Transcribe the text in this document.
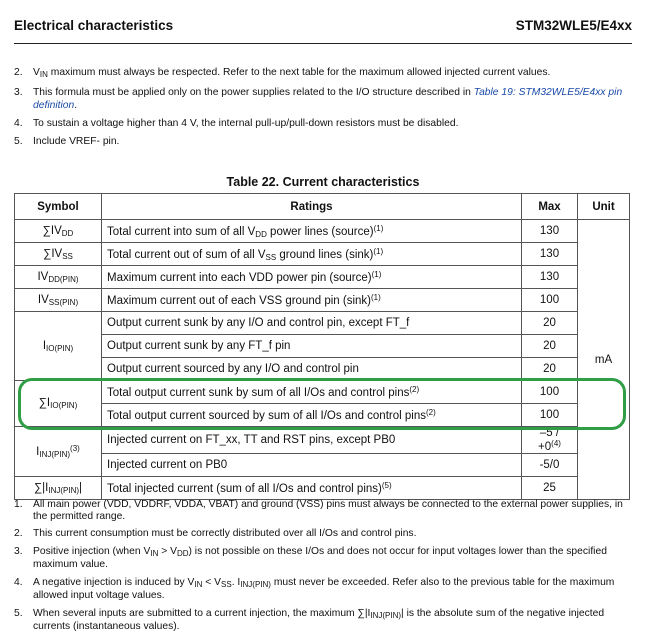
Electrical characteristics	STM32WLE5/E4xx
2.	$V_{IN}$ maximum must always be respected. Refer to the next table for the maximum allowed injected current values.
3.	This formula must be applied only on the power supplies related to the I/O structure described in Table 19: STM32WLE5/E4xx pin definition.
4.	To sustain a voltage higher than 4 V, the internal pull-up/pull-down resistors must be disabled.
5.	Include VREF- pin.
Table 22. Current characteristics
Symbol	Ratings	Max	Unit
$\sum IV_{DD}$	Total current into sum of all $V_{DD}$ power lines (source)$^{(1)}$	130	mA
$\sum IV_{SS}$	Total current out of sum of all $V_{SS}$ ground lines $(\sin k)^{(1)}$	130	
$IV_{DD(PIN)}$	Maximum current into each VDD power pin (source)$^{(1)}$	130	
$IV_{SS(PIN)}$	Maximum current out of each VSS ground pin $(\sin k)^{(1)}$	100	
$I_{IO(PIN)}$	Output current sunk by any I/O and control pin, except FT_f	20	
	Output current sunk by any FT_f pin	20	
	Output current sourced by any I/O and control pin	20	
$\sum I_{IO(PIN)}$	Total output current sunk by sum of all I/Os and control pins$^{(2)}$	100	
	Total output current sourced by sum of all I/Os and control pins$^{(2)}$	100	
$I_{INJ(PIN)}^{(3)}$	Injected current on FT_xx, TT and RST pins, except PB0	$-5 / +0^{(4)}$
	Injected current on PB0	-5/0	
$\sum|I_{INJ(PIN)}|$	Total injected current (sum of all I/Os and control pins)$^{(5)}$	25	
1.	All main power (VDD, VDDRF, VDDA, VBAT) and ground (VSS) pins must always be connected to the external power supplies, in the permitted range.
2.	This current consumption must be correctly distributed over all I/Os and control pins.
3.	Positive injection (when $V_{IN} > V_{DD}$) is not possible on these I/Os and does not occur for input voltages lower than the specified maximum value.
4.	A negative injection is induced by $V_{IN} < V_{SS}$. $I_{INJ(PIN)}$ must never be exceeded. Refer also to the previous table for the maximum allowed input voltage values.
5.	When several inputs are submitted to a current injection, the maximum $\sum|I_{INJ(PIN)}|$ is the absolute sum of the negative injected currents (instantaneous values).
